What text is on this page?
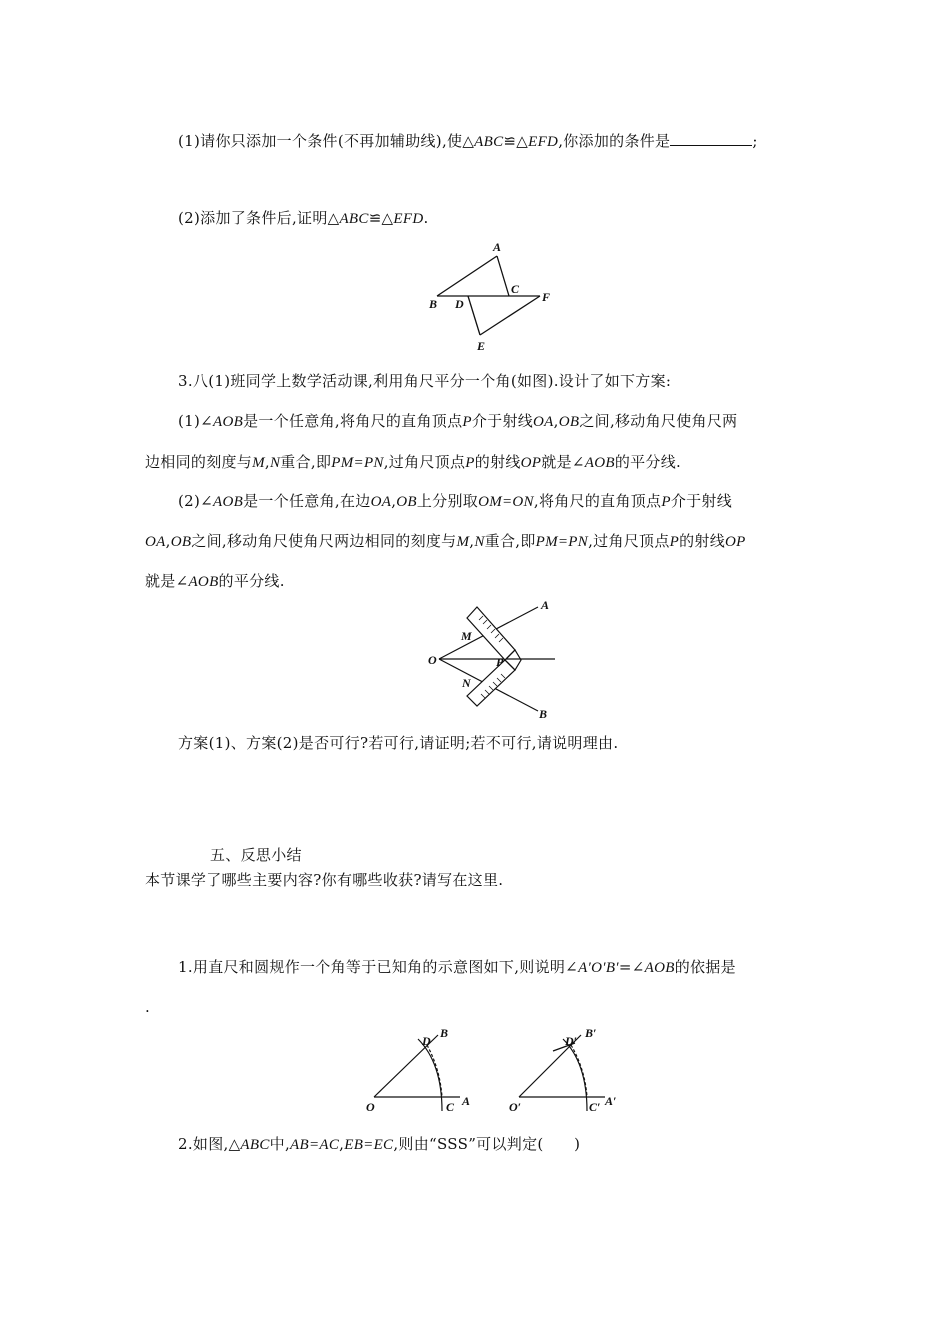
(1)请你只添加一个条件(不再加辅助线),使△ABC≌△EFD,你添加的条件是	;
(2)添加了条件后,证明△ABC≌△EFD.
A
B
C
D
E
F
3.八(1)班同学上数学活动课,利用角尺平分一个角(如图).设计了如下方案:
(1)∠AOB是一个任意角,将角尺的直角顶点P介于射线OA,OB之间,移动角尺使角尺两
边相同的刻度与M,N重合,即PM=PN,过角尺顶点P的射线OP就是∠AOB的平分线.
(2)∠AOB是一个任意角,在边OA,OB上分别取OM=ON,将角尺的直角顶点P介于射线
OA,OB之间,移动角尺使角尺两边相同的刻度与M,N重合,即PM=PN,过角尺顶点P的射线OP
就是∠AOB的平分线.
O
A
B
M
N
P
方案(1)、方案(2)是否可行?若可行,请证明;若不可行,请说明理由.
五、反思小结
本节课学了哪些主要内容?你有哪些收获?请写在这里.
1.用直尺和圆规作一个角等于已知角的示意图如下,则说明∠A′O′B′=∠AOB的依据是
.
O	C A
D
B
O′	C′ A′
D′
B′
2.如图,△ABC中,AB=AC,EB=EC,则由“SSS”可以判定(　　)
